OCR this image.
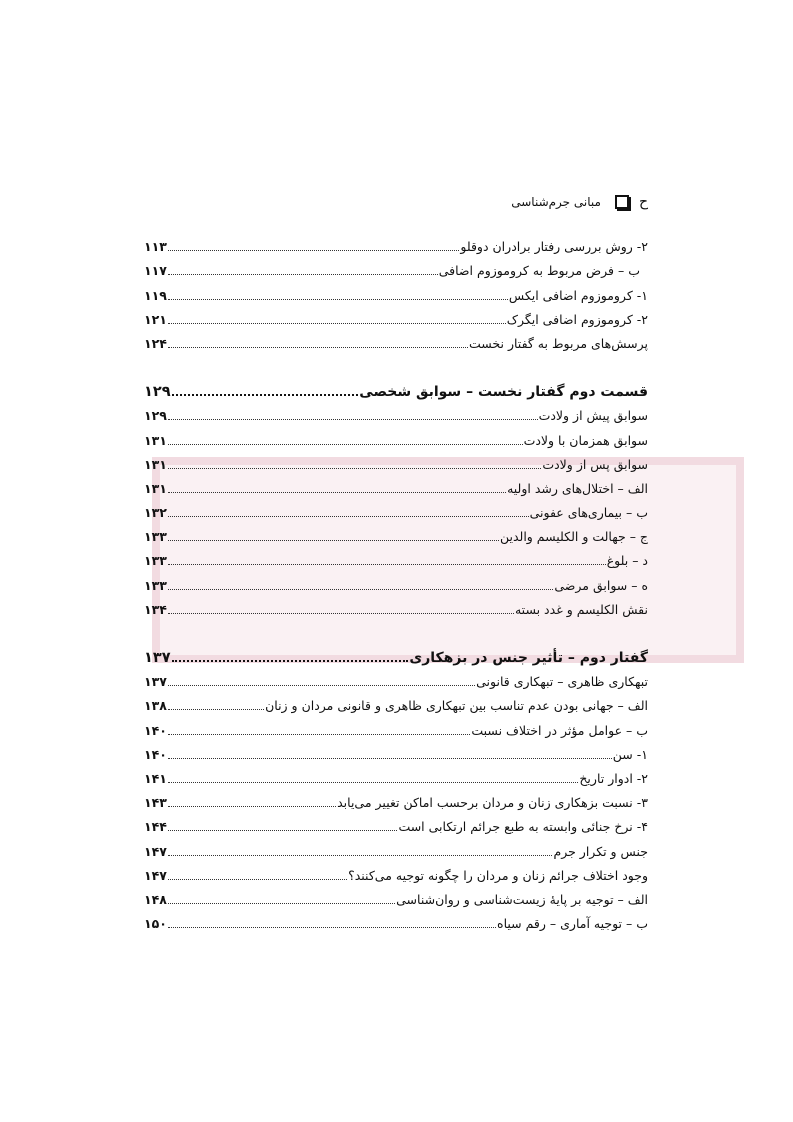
ح
مبانی جرم‌شناسی
۲- روش بررسی رفتار برادران دوقلو
۱۱۳
ب – فرض مربوط به کروموزوم اضافی
۱۱۷
۱- کروموزوم اضافی ایکس
۱۱۹
۲- کروموزوم اضافی ایگرک
۱۲۱
پرسش‌های مربوط به گفتار نخست
۱۲۴
قسمت دوم گفتار نخست – سوابق شخصی
۱۲۹
سوابق پیش از ولادت
۱۲۹
سوابق همزمان با ولادت
۱۳۱
سوابق پس از ولادت
۱۳۱
الف – اختلال‌های رشد اولیه
۱۳۱
ب – بیماری‌های عفونی
۱۳۲
ج – جهالت و الکلیسم والدین
۱۳۳
د – بلوغ
۱۳۳
ه – سوابق مرضی
۱۳۳
نقش الکلیسم و غدد بسته
۱۳۴
گفتار دوم – تأثیر جنس در بزهکاری
۱۳۷
تبهکاری ظاهری – تبهکاری قانونی
۱۳۷
الف – جهانی بودن عدم تناسب بین تبهکاری ظاهری و قانونی مردان و زنان
۱۳۸
ب – عوامل مؤثر در اختلاف نسبت
۱۴۰
۱- سن
۱۴۰
۲- ادوار تاریخ
۱۴۱
۳- نسبت بزهکاری زنان و مردان برحسب اماکن تغییر می‌یابد
۱۴۳
۴- نرخ جنائی وابسته به طبع جرائم ارتکابی است
۱۴۴
جنس و تکرار جرم
۱۴۷
وجود اختلاف جرائم زنان و مردان را چگونه توجیه می‌کنند؟
۱۴۷
الف – توجیه بر پایهٔ زیست‌شناسی و روان‌شناسی
۱۴۸
ب – توجیه آماری – رقم سیاه
۱۵۰
